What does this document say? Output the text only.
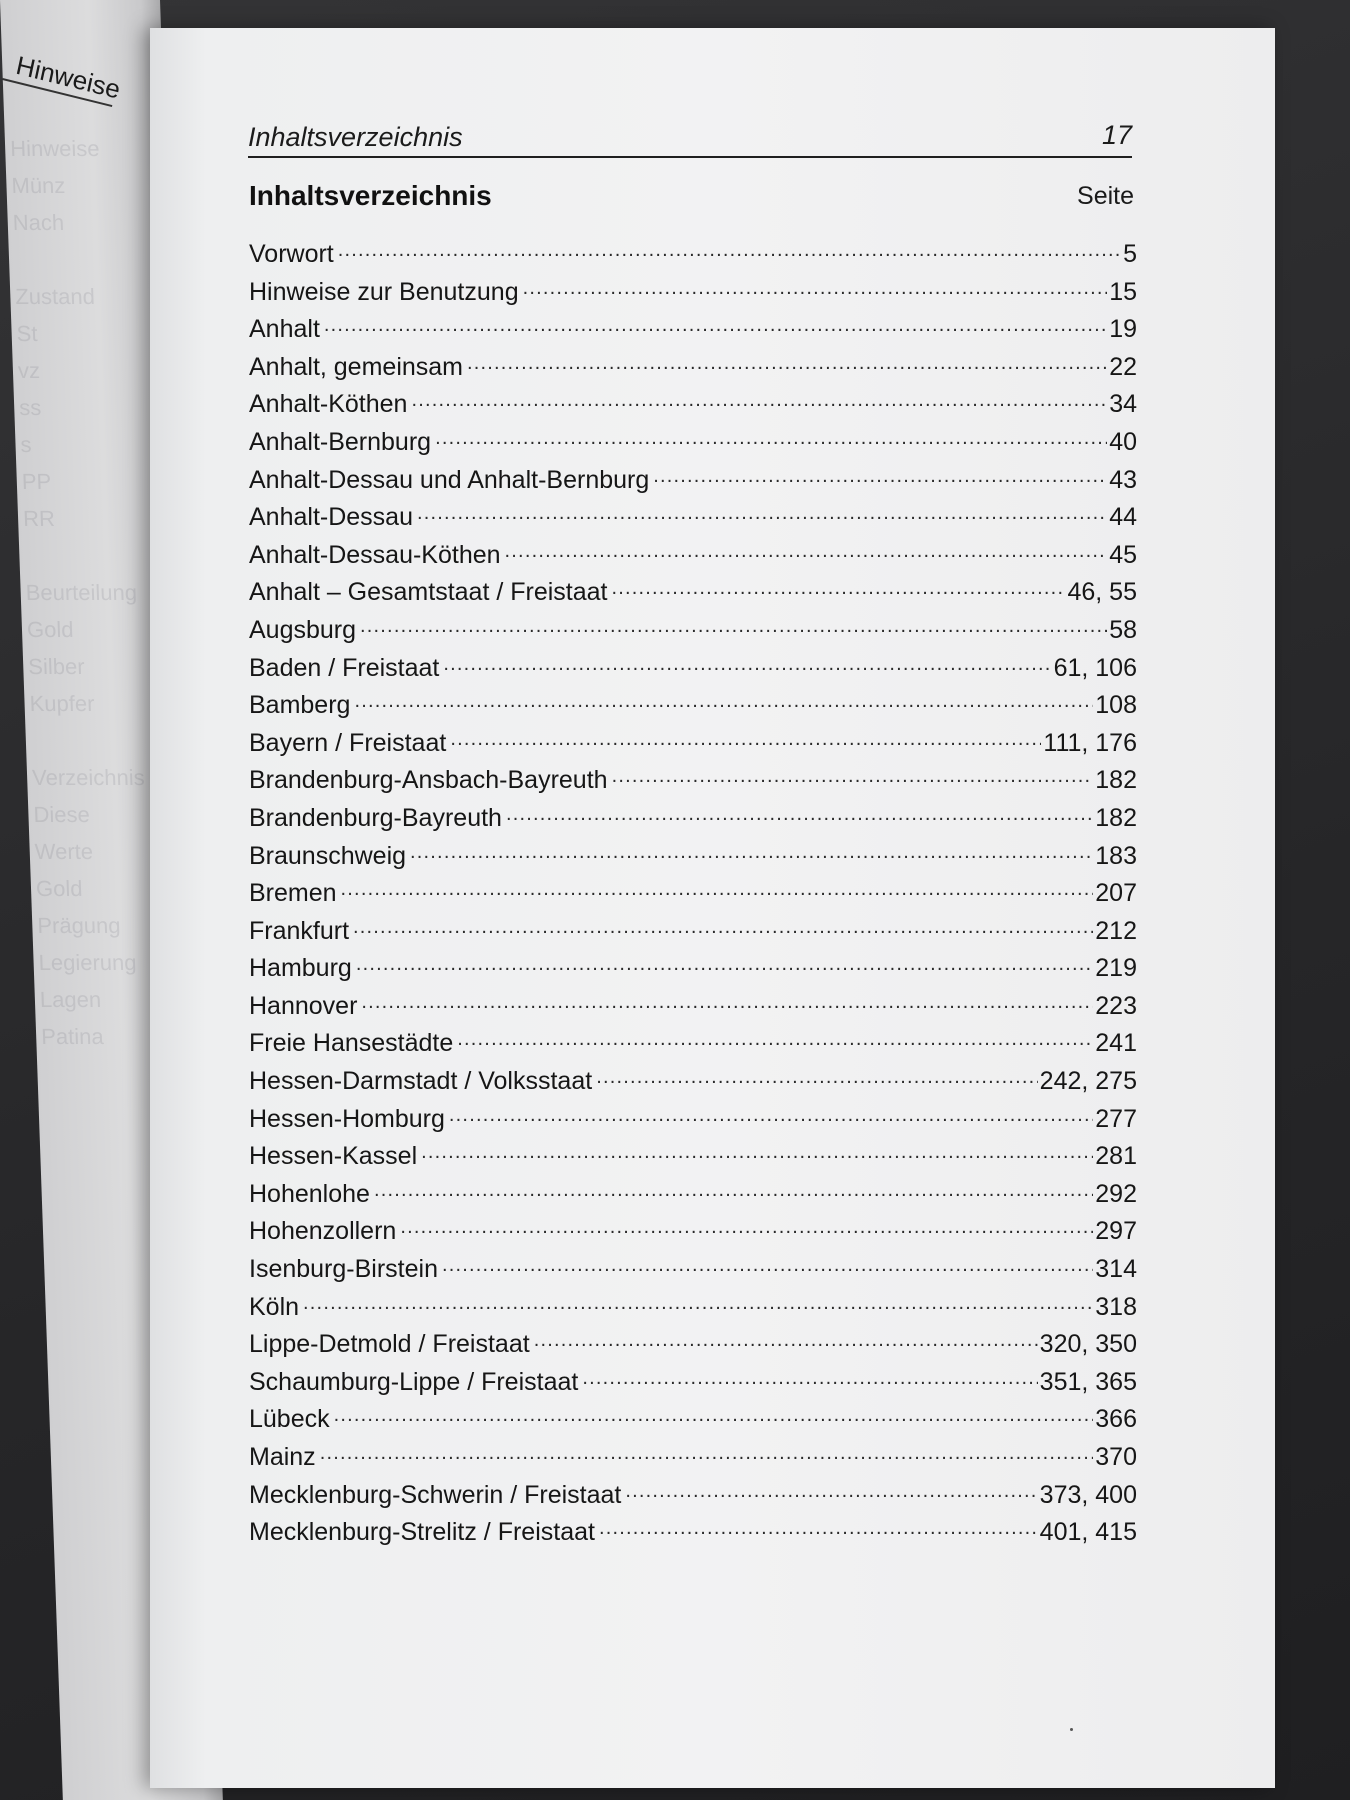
Hinweise
Münz
Nach

Zustand
St
vz
ss
s
PP
RR

Beurteilung
Gold
Silber
Kupfer

Verzeichnis
Diese
Werte
Gold
Prägung
Legierung
Lagen
Patina
Hinweise
Inhaltsverzeichnis	17
Inhaltsverzeichnis	Seite
Vorwort .....	5
Hinweise zur Benutzung .....	15
Anhalt .....	19
Anhalt, gemeinsam .....	22
Anhalt-Köthen .....	34
Anhalt-Bernburg .....	40
Anhalt-Dessau und Anhalt-Bernburg .....	43
Anhalt-Dessau .....	44
Anhalt-Dessau-Köthen .....	45
Anhalt – Gesamtstaat / Freistaat .....	46, 55
Augsburg .....	58
Baden / Freistaat .....	61, 106
Bamberg .....	108
Bayern / Freistaat .....	111, 176
Brandenburg-Ansbach-Bayreuth .....	182
Brandenburg-Bayreuth .....	182
Braunschweig .....	183
Bremen .....	207
Frankfurt .....	212
Hamburg .....	219
Hannover .....	223
Freie Hansestädte .....	241
Hessen-Darmstadt / Volksstaat .....	242, 275
Hessen-Homburg .....	277
Hessen-Kassel .....	281
Hohenlohe .....	292
Hohenzollern .....	297
Isenburg-Birstein .....	314
Köln .....	318
Lippe-Detmold / Freistaat .....	320, 350
Schaumburg-Lippe / Freistaat .....	351, 365
Lübeck .....	366
Mainz .....	370
Mecklenburg-Schwerin / Freistaat .....	373, 400
Mecklenburg-Strelitz / Freistaat .....	401, 415
